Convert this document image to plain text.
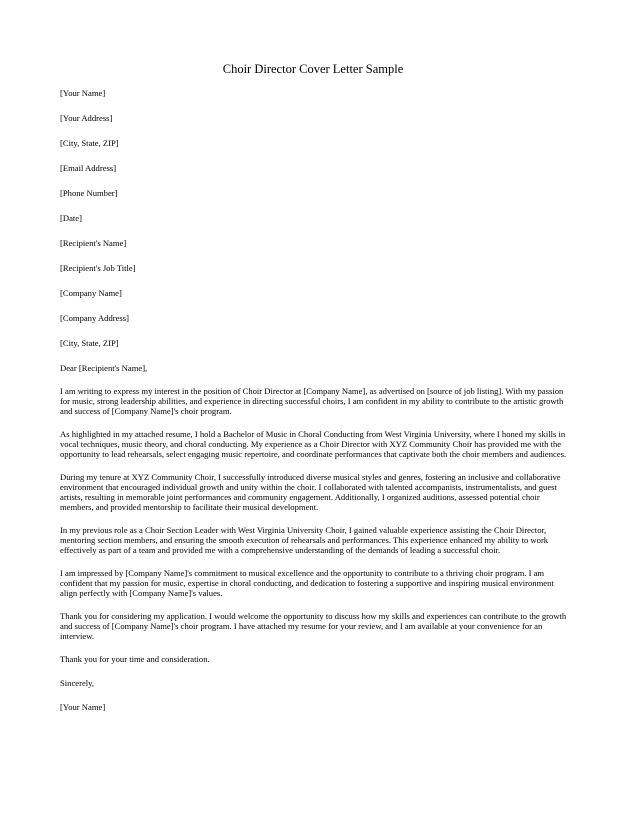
Choir Director Cover Letter Sample
[Your Name]
[Your Address]
[City, State, ZIP]
[Email Address]
[Phone Number]
[Date]
[Recipient's Name]
[Recipient's Job Title]
[Company Name]
[Company Address]
[City, State, ZIP]
Dear [Recipient's Name],

I am writing to express my interest in the position of Choir Director at [Company Name], as advertised on [source of job listing]. With my passion for music, strong leadership abilities, and experience in directing successful choirs, I am confident in my ability to contribute to the artistic growth and success of [Company Name]'s choir program.

As highlighted in my attached resume, I hold a Bachelor of Music in Choral Conducting from West Virginia University, where I honed my skills in vocal techniques, music theory, and choral conducting. My experience as a Choir Director with XYZ Community Choir has provided me with the opportunity to lead rehearsals, select engaging music repertoire, and coordinate performances that captivate both the choir members and audiences.

During my tenure at XYZ Community Choir, I successfully introduced diverse musical styles and genres, fostering an inclusive and collaborative environment that encouraged individual growth and unity within the choir. I collaborated with talented accompanists, instrumentalists, and guest artists, resulting in memorable joint performances and community engagement. Additionally, I organized auditions, assessed potential choir members, and provided mentorship to facilitate their musical development.

In my previous role as a Choir Section Leader with West Virginia University Choir, I gained valuable experience assisting the Choir Director, mentoring section members, and ensuring the smooth execution of rehearsals and performances. This experience enhanced my ability to work effectively as part of a team and provided me with a comprehensive understanding of the demands of leading a successful choir.

I am impressed by [Company Name]'s commitment to musical excellence and the opportunity to contribute to a thriving choir program. I am confident that my passion for music, expertise in choral conducting, and dedication to fostering a supportive and inspiring musical environment align perfectly with [Company Name]'s values.

Thank you for considering my application. I would welcome the opportunity to discuss how my skills and experiences can contribute to the growth and success of [Company Name]'s choir program. I have attached my resume for your review, and I am available at your convenience for an interview.

Thank you for your time and consideration.
Sincerely,
[Your Name]
